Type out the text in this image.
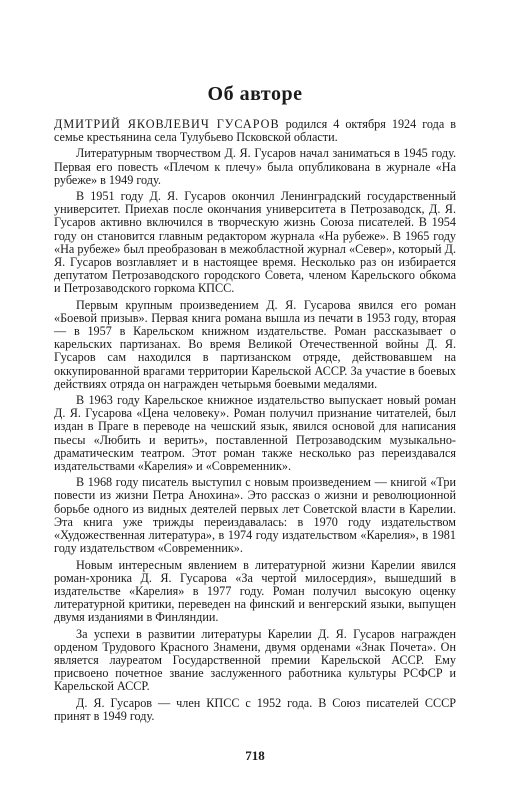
Об авторе

ДМИТРИЙ ЯКОВЛЕВИЧ ГУСАРОВ родился 4 октября 1924 года в семье крестьянина села Тулубьево Псковской области.

Литературным творчеством Д. Я. Гусаров начал заниматься в 1945 году. Первая его повесть «Плечом к плечу» была опубликована в журнале «На рубеже» в 1949 году.

В 1951 году Д. Я. Гусаров окончил Ленинградский государственный университет. Приехав после окончания университета в Петрозаводск, Д. Я. Гусаров активно включился в творческую жизнь Союза писателей. В 1954 году он становится главным редактором журнала «На рубеже». В 1965 году «На рубеже» был преобразован в межобластной журнал «Север», который Д. Я. Гусаров возглавляет и в настоящее время. Несколько раз он избирается депутатом Петрозаводского городского Совета, членом Карельского обкома и Петрозаводского горкома КПСС.

Первым крупным произведением Д. Я. Гусарова явился его роман «Боевой призыв». Первая книга романа вышла из печати в 1953 году, вторая — в 1957 в Карельском книжном издательстве. Роман рассказывает о карельских партизанах. Во время Великой Отечественной войны Д. Я. Гусаров сам находился в партизанском отряде, действовавшем на оккупированной врагами территории Карельской АССР. За участие в боевых действиях отряда он награжден четырьмя боевыми медалями.

В 1963 году Карельское книжное издательство выпускает новый роман Д. Я. Гусарова «Цена человеку». Роман получил признание читателей, был издан в Праге в переводе на чешский язык, явился основой для написания пьесы «Любить и верить», поставленной Петрозаводским музыкально-драматическим театром. Этот роман также несколько раз переиздавался издательствами «Карелия» и «Современник».

В 1968 году писатель выступил с новым произведением — книгой «Три повести из жизни Петра Анохина». Это рассказ о жизни и революционной борьбе одного из видных деятелей первых лет Советской власти в Карелии. Эта книга уже трижды переиздавалась: в 1970 году издательством «Художественная литература», в 1974 году издательством «Карелия», в 1981 году издательством «Современник».

Новым интересным явлением в литературной жизни Карелии явился роман-хроника Д. Я. Гусарова «За чертой милосердия», вышедший в издательстве «Карелия» в 1977 году. Роман получил высокую оценку литературной критики, переведен на финский и венгерский языки, выпущен двумя изданиями в Финляндии.

За успехи в развитии литературы Карелии Д. Я. Гусаров награжден орденом Трудового Красного Знамени, двумя орденами «Знак Почета». Он является лауреатом Государственной премии Карельской АССР. Ему присвоено почетное звание заслуженного работника культуры РСФСР и Карельской АССР.

Д. Я. Гусаров — член КПСС с 1952 года. В Союз писателей СССР принят в 1949 году.

718
